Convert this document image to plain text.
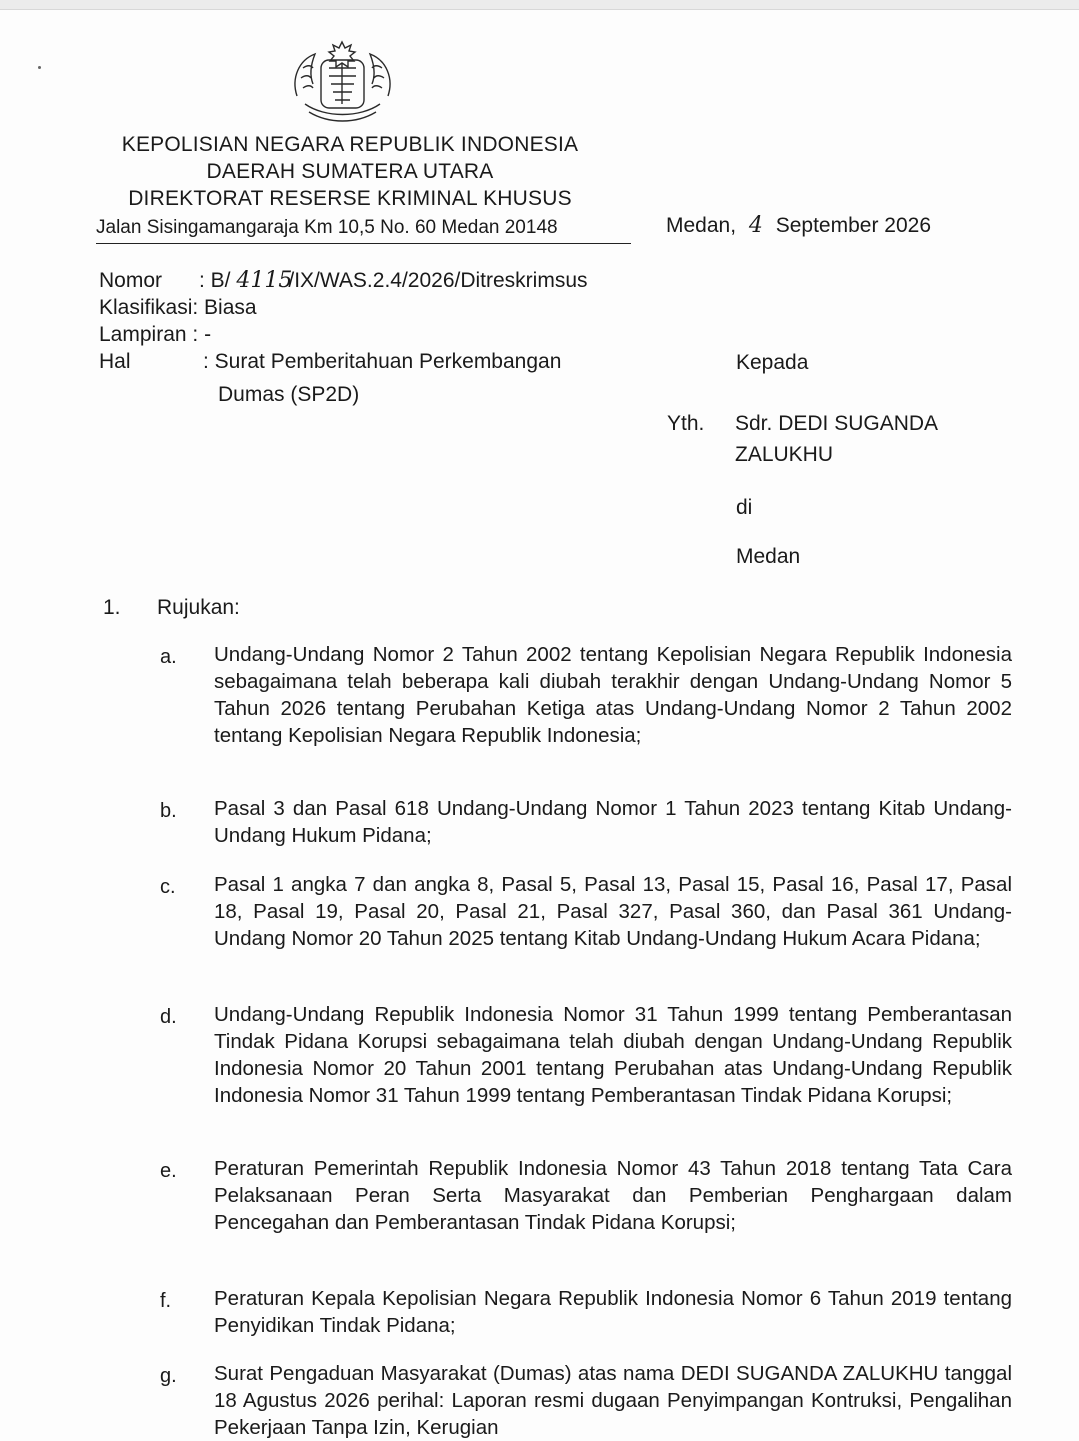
KEPOLISIAN NEGARA REPUBLIK INDONESIA
DAERAH SUMATERA UTARA
DIREKTORAT RESERSE KRIMINAL KHUSUS
Jalan Sisingamangaraja Km 10,5 No. 60 Medan 20148	Medan, 4 September 2026
Nomor : B/ 4115/IX/WAS.2.4/2026/Ditreskrimsus
Klasifikasi: Biasa
Lampiran : -
Hal	: Surat Pemberitahuan Perkembangan
Dumas (SP2D)
Kepada
Yth. Sdr. DEDI SUGANDA
ZALUKHU
di
Medan
1. Rujukan:
a. Undang-Undang Nomor 2 Tahun 2002 tentang Kepolisian Negara Republik Indonesia sebagaimana telah beberapa kali diubah terakhir dengan Undang-Undang Nomor 5 Tahun 2026 tentang Perubahan Ketiga atas Undang-Undang Nomor 2 Tahun 2002 tentang Kepolisian Negara Republik Indonesia;
b. Pasal 3 dan Pasal 618 Undang-Undang Nomor 1 Tahun 2023 tentang Kitab Undang- Undang Hukum Pidana;
c. Pasal 1 angka 7 dan angka 8, Pasal 5, Pasal 13, Pasal 15, Pasal 16, Pasal 17, Pasal 18, Pasal 19, Pasal 20, Pasal 21, Pasal 327, Pasal 360, dan Pasal 361 Undang-Undang Nomor 20 Tahun 2025 tentang Kitab Undang-Undang Hukum Acara Pidana;
d. Undang-Undang Republik Indonesia Nomor 31 Tahun 1999 tentang Pemberantasan Tindak Pidana Korupsi sebagaimana telah diubah dengan Undang-Undang Republik Indonesia Nomor 20 Tahun 2001 tentang Perubahan atas Undang-Undang Republik Indonesia Nomor 31 Tahun 1999 tentang Pemberantasan Tindak Pidana Korupsi;
e. Peraturan Pemerintah Republik Indonesia Nomor 43 Tahun 2018 tentang Tata Cara Pelaksanaan Peran Serta Masyarakat dan Pemberian Penghargaan dalam Pencegahan dan Pemberantasan Tindak Pidana Korupsi;
f. Peraturan Kepala Kepolisian Negara Republik Indonesia Nomor 6 Tahun 2019 tentang Penyidikan Tindak Pidana;
g. Surat Pengaduan Masyarakat (Dumas) atas nama DEDI SUGANDA ZALUKHU tanggal 18 Agustus 2026 perihal: Laporan resmi dugaan Penyimpangan Kontruksi, Pengalihan Pekerjaan Tanpa Izin, Kerugian
